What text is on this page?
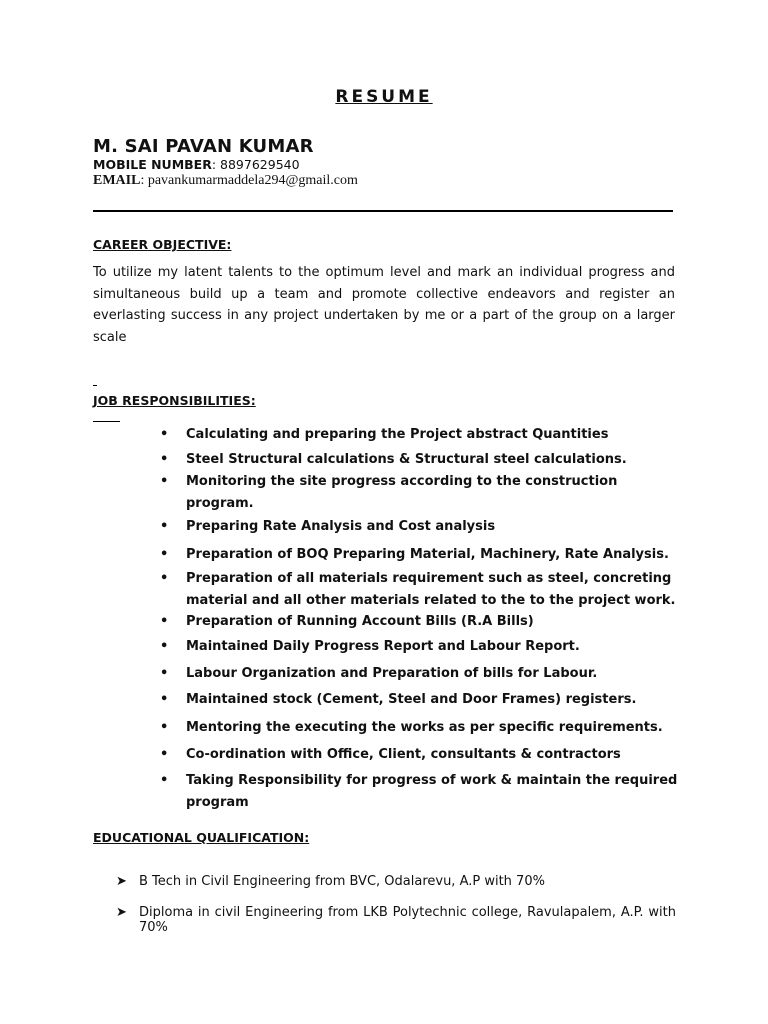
RESUME
M. SAI PAVAN KUMAR
MOBILE NUMBER: 8897629540
EMAIL: pavankumarmaddela294@gmail.com
CAREER OBJECTIVE:
To utilize my latent talents to the optimum level and mark an individual progress and simultaneous build up a team and promote collective endeavors and register an everlasting success in any project undertaken by me or a part of the group on a larger scale
JOB RESPONSIBILITIES:
•	Calculating and preparing the Project abstract Quantities
•	Steel Structural calculations & Structural steel calculations.
•	Monitoring the site progress according to the construction program.
•	Preparing Rate Analysis and Cost analysis
•	Preparation of BOQ Preparing Material, Machinery, Rate Analysis.
•	Preparation of all materials requirement such as steel, concreting material and all other materials related to the to the project work.
•	Preparation of Running Account Bills (R.A Bills)
•	Maintained Daily Progress Report and Labour Report.
•	Labour Organization and Preparation of bills for Labour.
•	Maintained stock (Cement, Steel and Door Frames) registers.
•	Mentoring the executing the works as per specific requirements.
•	Co-ordination with Office, Client, consultants & contractors
•	Taking Responsibility for progress of work & maintain the required program
EDUCATIONAL QUALIFICATION:
➤ B Tech in Civil Engineering from BVC, Odalarevu, A.P with 70%
➤ Diploma in civil Engineering from LKB Polytechnic college, Ravulapalem, A.P. with 70%
